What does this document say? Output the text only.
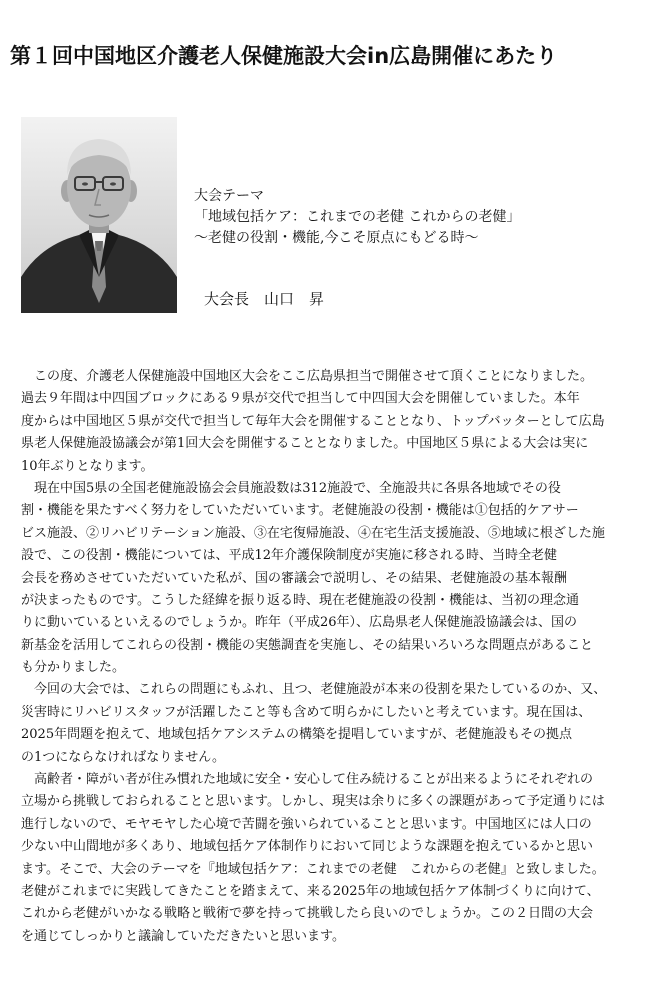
第１回中国地区介護老人保健施設大会in広島開催にあたり
大会テーマ
「地域包括ケア：これまでの老健 これからの老健」
～老健の役割・機能,今こそ原点にもどる時～
大会長　山口　昇
　この度、介護老人保健施設中国地区大会をここ広島県担当で開催させて頂くことになりました。
過去９年間は中四国ブロックにある９県が交代で担当して中四国大会を開催していました。本年
度からは中国地区５県が交代で担当して毎年大会を開催することとなり、トップバッターとして広島
県老人保健施設協議会が第1回大会を開催することとなりました。中国地区５県による大会は実に
10年ぶりとなります。
　現在中国5県の全国老健施設協会会員施設数は312施設で、全施設共に各県各地域でその役
割・機能を果たすべく努力をしていただいています。老健施設の役割・機能は①包括的ケアサー
ビス施設、②リハビリテーション施設、③在宅復帰施設、④在宅生活支援施設、⑤地域に根ざした施
設で、この役割・機能については、平成12年介護保険制度が実施に移される時、当時全老健
会長を務めさせていただいていた私が、国の審議会で説明し、その結果、老健施設の基本報酬
が決まったものです。こうした経緯を振り返る時、現在老健施設の役割・機能は、当初の理念通
りに動いているといえるのでしょうか。昨年（平成26年）、広島県老人保健施設協議会は、国の
新基金を活用してこれらの役割・機能の実態調査を実施し、その結果いろいろな問題点があること
も分かりました。
　今回の大会では、これらの問題にもふれ、且つ、老健施設が本来の役割を果たしているのか、又、
災害時にリハビリスタッフが活躍したこと等も含めて明らかにしたいと考えています。現在国は、
2025年問題を抱えて、地域包括ケアシステムの構築を提唱していますが、老健施設もその拠点
の1つにならなければなりません。
　高齢者・障がい者が住み慣れた地域に安全・安心して住み続けることが出来るようにそれぞれの
立場から挑戦しておられることと思います。しかし、現実は余りに多くの課題があって予定通りには
進行しないので、モヤモヤした心境で苦闘を強いられていることと思います。中国地区には人口の
少ない中山間地が多くあり、地域包括ケア体制作りにおいて同じような課題を抱えているかと思い
ます。そこで、大会のテーマを『地域包括ケア：これまでの老健　これからの老健』と致しました。
老健がこれまでに実践してきたことを踏まえて、来る2025年の地域包括ケア体制づくりに向けて、
これから老健がいかなる戦略と戦術で夢を持って挑戦したら良いのでしょうか。この２日間の大会
を通じてしっかりと議論していただきたいと思います。
